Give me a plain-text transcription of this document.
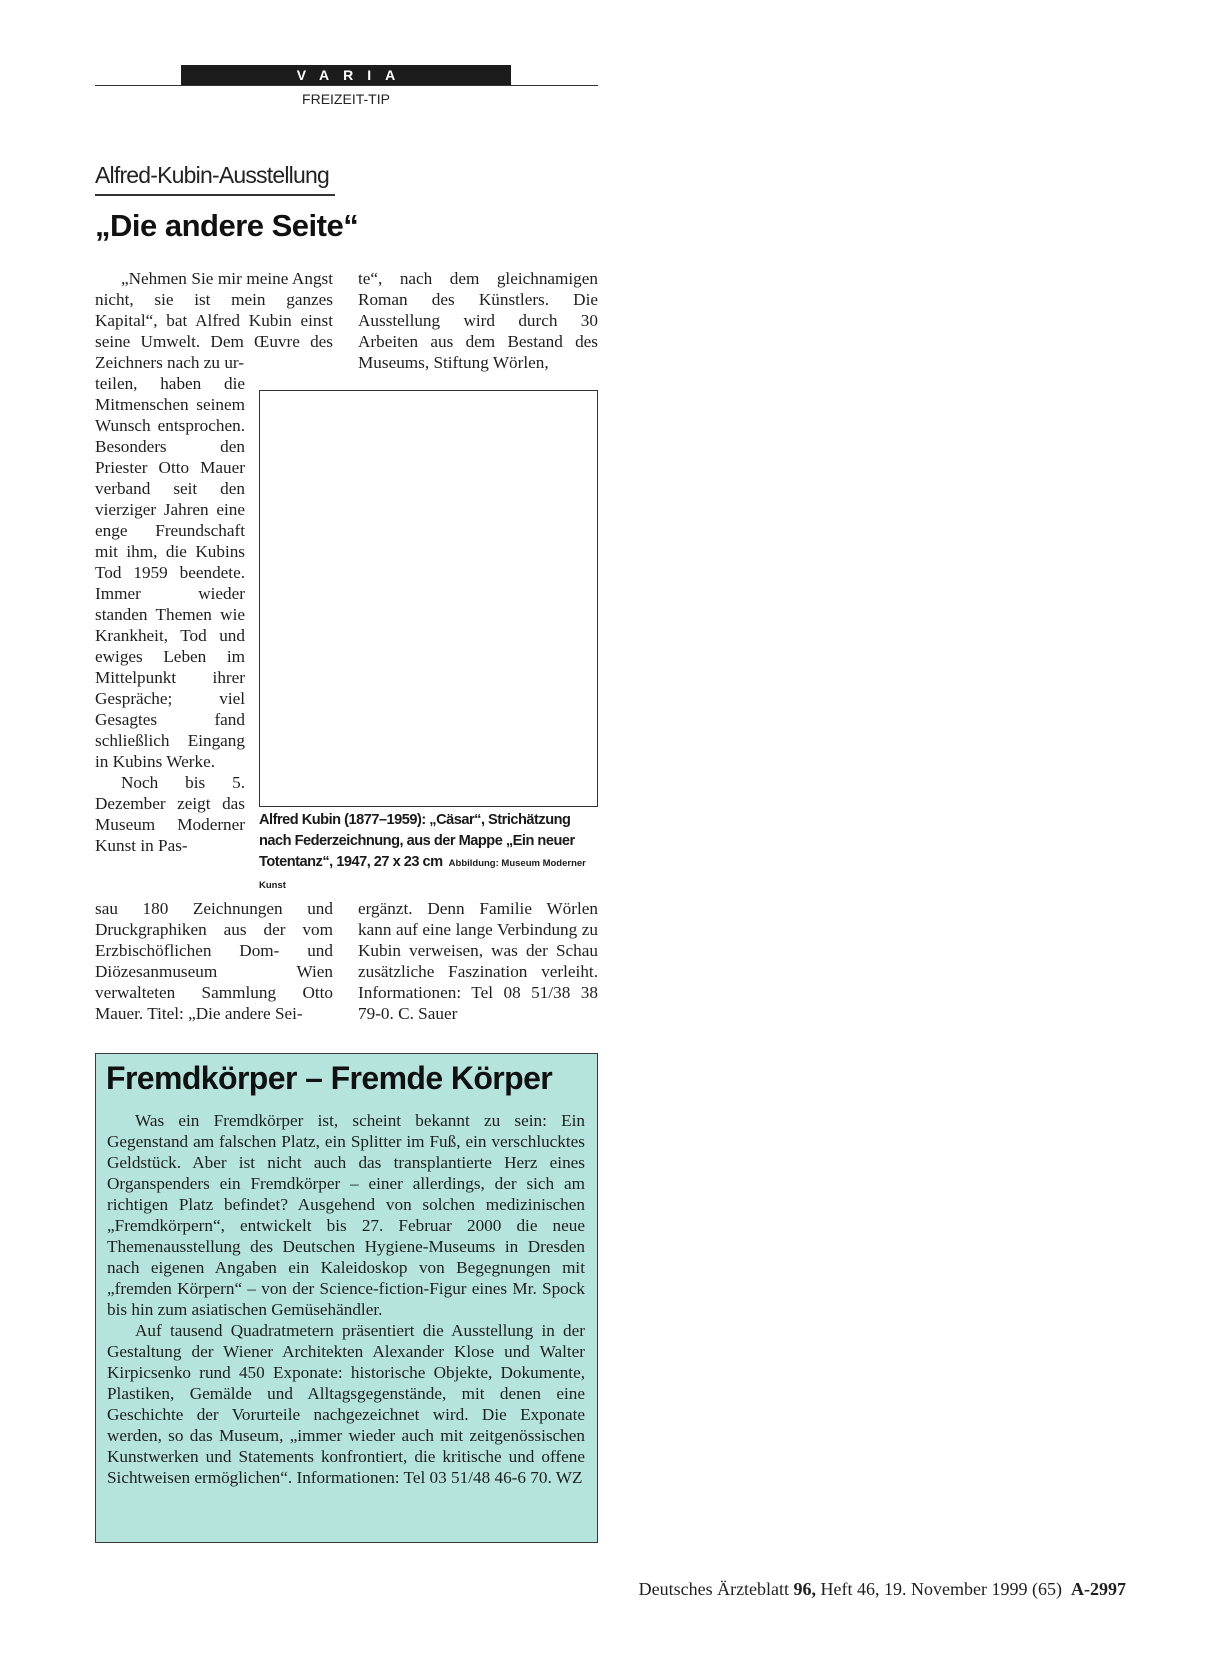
VARIA
FREIZEIT-TIP
Alfred-Kubin-Ausstellung
„Die andere Seite“

„Nehmen Sie mir meine Angst nicht, sie ist mein ganzes Kapital“, bat Alfred Kubin einst seine Umwelt. Dem Œuvre des Zeichners nach zu ur-

teilen, haben die Mitmenschen seinem Wunsch entsprochen. Besonders den Priester Otto Mauer verband seit den vierziger Jahren eine enge Freundschaft mit ihm, die Kubins Tod 1959 beendete. Immer wieder standen Themen wie Krankheit, Tod und ewiges Leben im Mittelpunkt ihrer Gespräche; viel Gesagtes fand schließlich Eingang in Kubins Werke.

Noch bis 5. Dezember zeigt das Museum Moderner Kunst in Pas-

sau 180 Zeichnungen und Druckgraphiken aus der vom Erzbischöflichen Dom- und Diözesanmuseum Wien verwalteten Sammlung Otto Mauer. Titel: „Die andere Sei-

te“, nach dem gleichnamigen Roman des Künstlers. Die Ausstellung wird durch 30 Arbeiten aus dem Bestand des Museums, Stiftung Wörlen,

ergänzt. Denn Familie Wörlen kann auf eine lange Verbindung zu Kubin verweisen, was der Schau zusätzliche Faszination verleiht. Informationen: Tel 08 51/38 38 79-0. C. Sauer

Alfred Kubin (1877–1959): „Cäsar“, Strichätzung nach Federzeichnung, aus der Mappe „Ein neuer Totentanz“, 1947, 27 x 23 cm Abbildung: Museum Moderner Kunst
Fremdkörper – Fremde Körper

Was ein Fremdkörper ist, scheint bekannt zu sein: Ein Gegenstand am falschen Platz, ein Splitter im Fuß, ein verschlucktes Geldstück. Aber ist nicht auch das transplantierte Herz eines Organspenders ein Fremdkörper – einer allerdings, der sich am richtigen Platz befindet? Ausgehend von solchen medizinischen „Fremdkörpern“, entwickelt bis 27. Februar 2000 die neue Themenausstellung des Deutschen Hygiene-Museums in Dresden nach eigenen Angaben ein Kaleidoskop von Begegnungen mit „fremden Körpern“ – von der Science-fiction-Figur eines Mr. Spock bis hin zum asiatischen Gemüsehändler.

Auf tausend Quadratmetern präsentiert die Ausstellung in der Gestaltung der Wiener Architekten Alexander Klose und Walter Kirpicsenko rund 450 Exponate: historische Objekte, Dokumente, Plastiken, Gemälde und Alltagsgegenstände, mit denen eine Geschichte der Vorurteile nachgezeichnet wird. Die Exponate werden, so das Museum, „immer wieder auch mit zeitgenössischen Kunstwerken und Statements konfrontiert, die kritische und offene Sichtweisen ermöglichen“. Informationen: Tel 03 51/48 46-6 70. WZ

Deutsches Ärzteblatt 96, Heft 46, 19. November 1999 (65) A-2997
